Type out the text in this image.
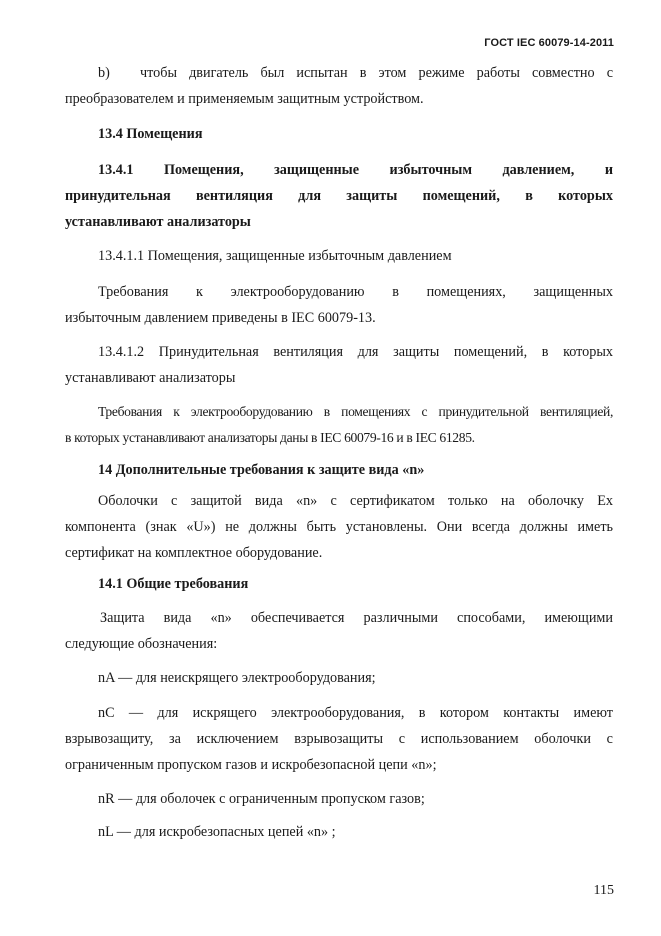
ГОСТ IEC 60079-14-2011
b) чтобы двигатель был испытан в этом режиме работы совместно с
преобразователем и применяемым защитным устройством.
13.4 Помещения
13.4.1 Помещения, защищенные избыточным давлением, и
принудительная вентиляция для защиты помещений, в которых
устанавливают анализаторы
13.4.1.1 Помещения, защищенные избыточным давлением
Требования к электрооборудованию в помещениях, защищенных
избыточным давлением приведены в IEC 60079-13.
13.4.1.2 Принудительная вентиляция для защиты помещений, в которых
устанавливают анализаторы
Требования к электрооборудованию в помещениях с принудительной вентиляцией,
в которых устанавливают анализаторы даны в IEC 60079-16 и в IEC 61285.
14 Дополнительные требования к защите вида «n»
Оболочки с защитой вида «n» с сертификатом только на оболочку Ex
компонента (знак «U») не должны быть установлены. Они всегда должны иметь
сертификат на комплектное оборудование.
14.1 Общие требования
Защита вида «n» обеспечивается различными способами, имеющими
следующие обозначения:
nA — для неискрящего электрооборудования;
nC — для искрящего электрооборудования, в котором контакты имеют
взрывозащиту, за исключением взрывозащиты с использованием оболочки с
ограниченным пропуском газов и искробезопасной цепи «n»;
nR — для оболочек с ограниченным пропуском газов;
nL — для искробезопасных цепей «n» ;
115
